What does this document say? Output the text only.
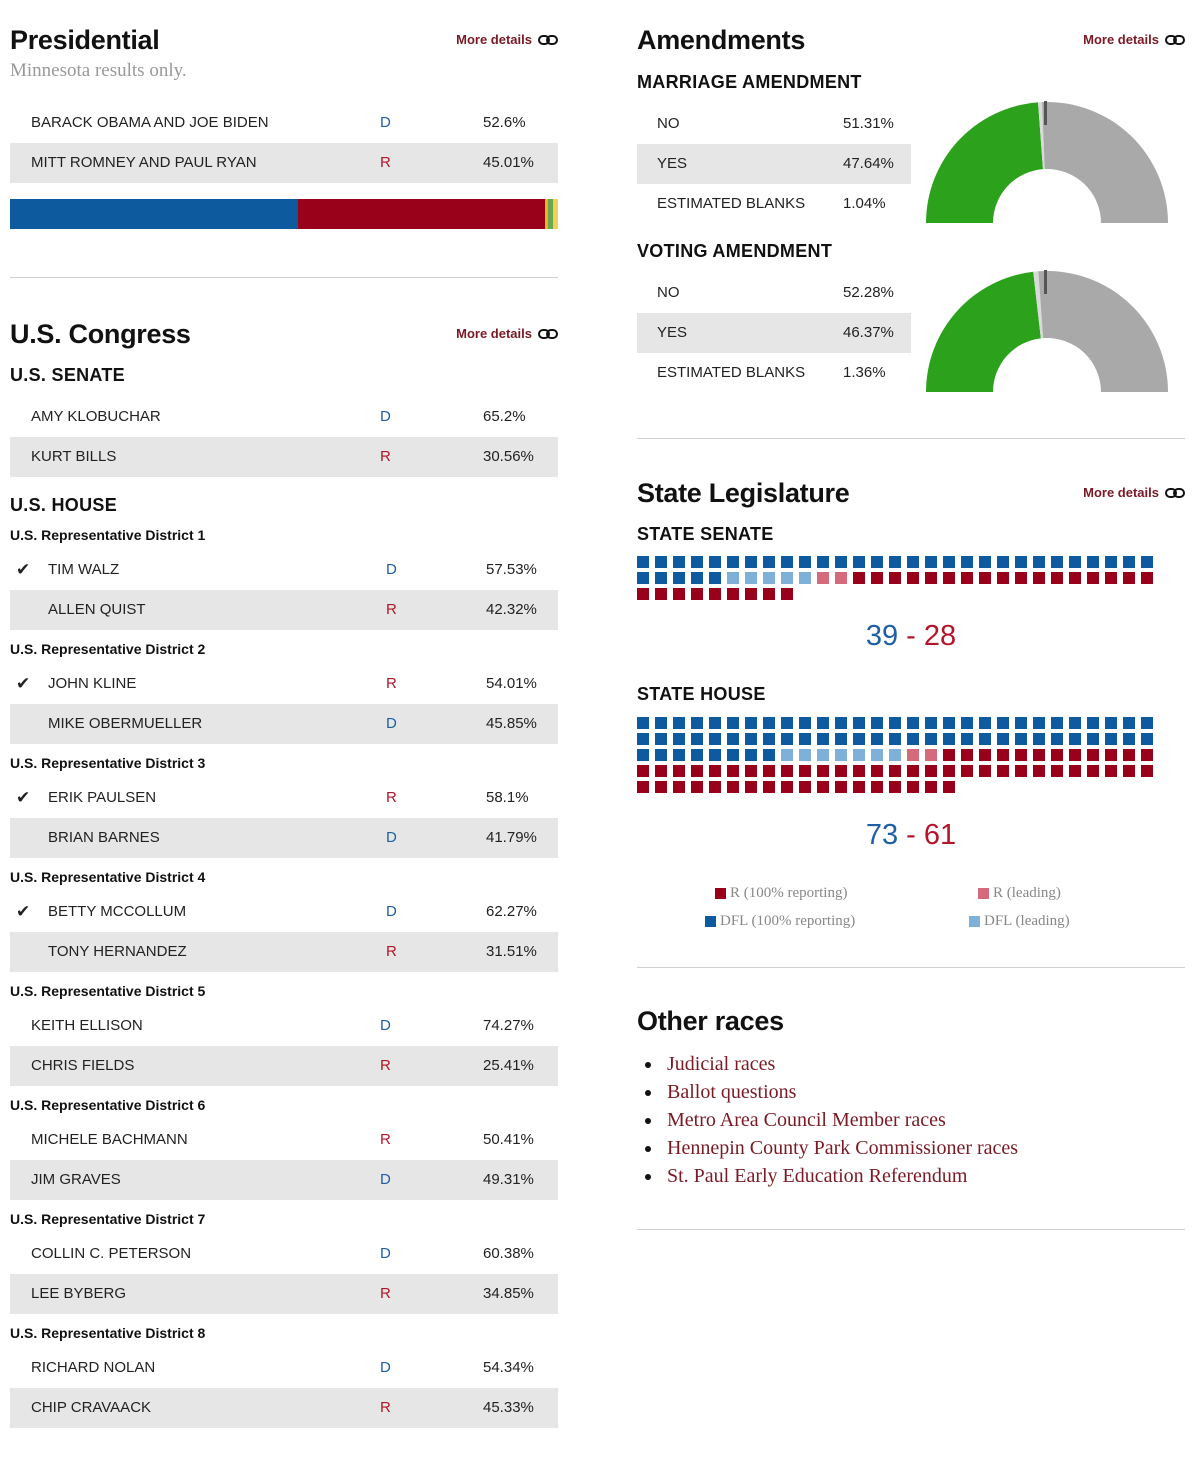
Presidential	More details
Minnesota results only.
BARACK OBAMA AND JOE BIDEN	D	52.6%
MITT ROMNEY AND PAUL RYAN	R	45.01%
U.S. Congress	More details
U.S. SENATE
AMY KLOBUCHAR	D	65.2%
KURT BILLS	R	30.56%
U.S. HOUSE
U.S. Representative District 1
✔ TIM WALZ	D	57.53%
ALLEN QUIST	R	42.32%
U.S. Representative District 2
✔ JOHN KLINE	R	54.01%
MIKE OBERMUELLER	D	45.85%
U.S. Representative District 3
✔ ERIK PAULSEN	R	58.1%
BRIAN BARNES	D	41.79%
U.S. Representative District 4
✔ BETTY MCCOLLUM	D	62.27%
TONY HERNANDEZ	R	31.51%
U.S. Representative District 5
KEITH ELLISON	D	74.27%
CHRIS FIELDS	R	25.41%
U.S. Representative District 6
MICHELE BACHMANN	R	50.41%
JIM GRAVES	D	49.31%
U.S. Representative District 7
COLLIN C. PETERSON	D	60.38%
LEE BYBERG	R	34.85%
U.S. Representative District 8
RICHARD NOLAN	D	54.34%
CHIP CRAVAACK	R	45.33%
Amendments	More details
MARRIAGE AMENDMENT
NO	51.31%
YES	47.64%
ESTIMATED BLANKS	1.04%
VOTING AMENDMENT
NO	52.28%
YES	46.37%
ESTIMATED BLANKS	1.36%
State Legislature	More details
STATE SENATE
39 - 28
STATE HOUSE
73 - 61
R (100% reporting)	R (leading)
DFL (100% reporting)	DFL (leading)
Other races
Judicial races
Ballot questions
Metro Area Council Member races
Hennepin County Park Commissioner races
St. Paul Early Education Referendum
